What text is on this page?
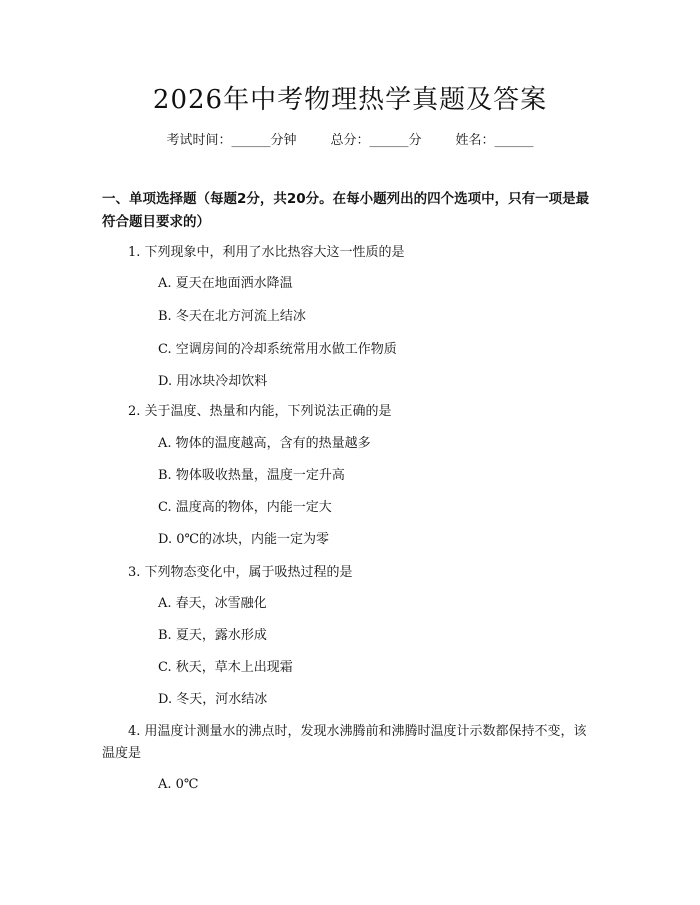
2026年中考物理热学真题及答案
考试时间：______分钟	总分：______分	姓名：______
一、单项选择题（每题2分，共20分。在每小题列出的四个选项中，只有一项是最符合题目要求的）
1. 下列现象中，利用了水比热容大这一性质的是
A. 夏天在地面洒水降温
B. 冬天在北方河流上结冰
C. 空调房间的冷却系统常用水做工作物质
D. 用冰块冷却饮料
2. 关于温度、热量和内能，下列说法正确的是
A. 物体的温度越高，含有的热量越多
B. 物体吸收热量，温度一定升高
C. 温度高的物体，内能一定大
D. 0℃的冰块，内能一定为零
3. 下列物态变化中，属于吸热过程的是
A. 春天，冰雪融化
B. 夏天，露水形成
C. 秋天，草木上出现霜
D. 冬天，河水结冰
4. 用温度计测量水的沸点时，发现水沸腾前和沸腾时温度计示数都保持不变，该温度是
A. 0℃
